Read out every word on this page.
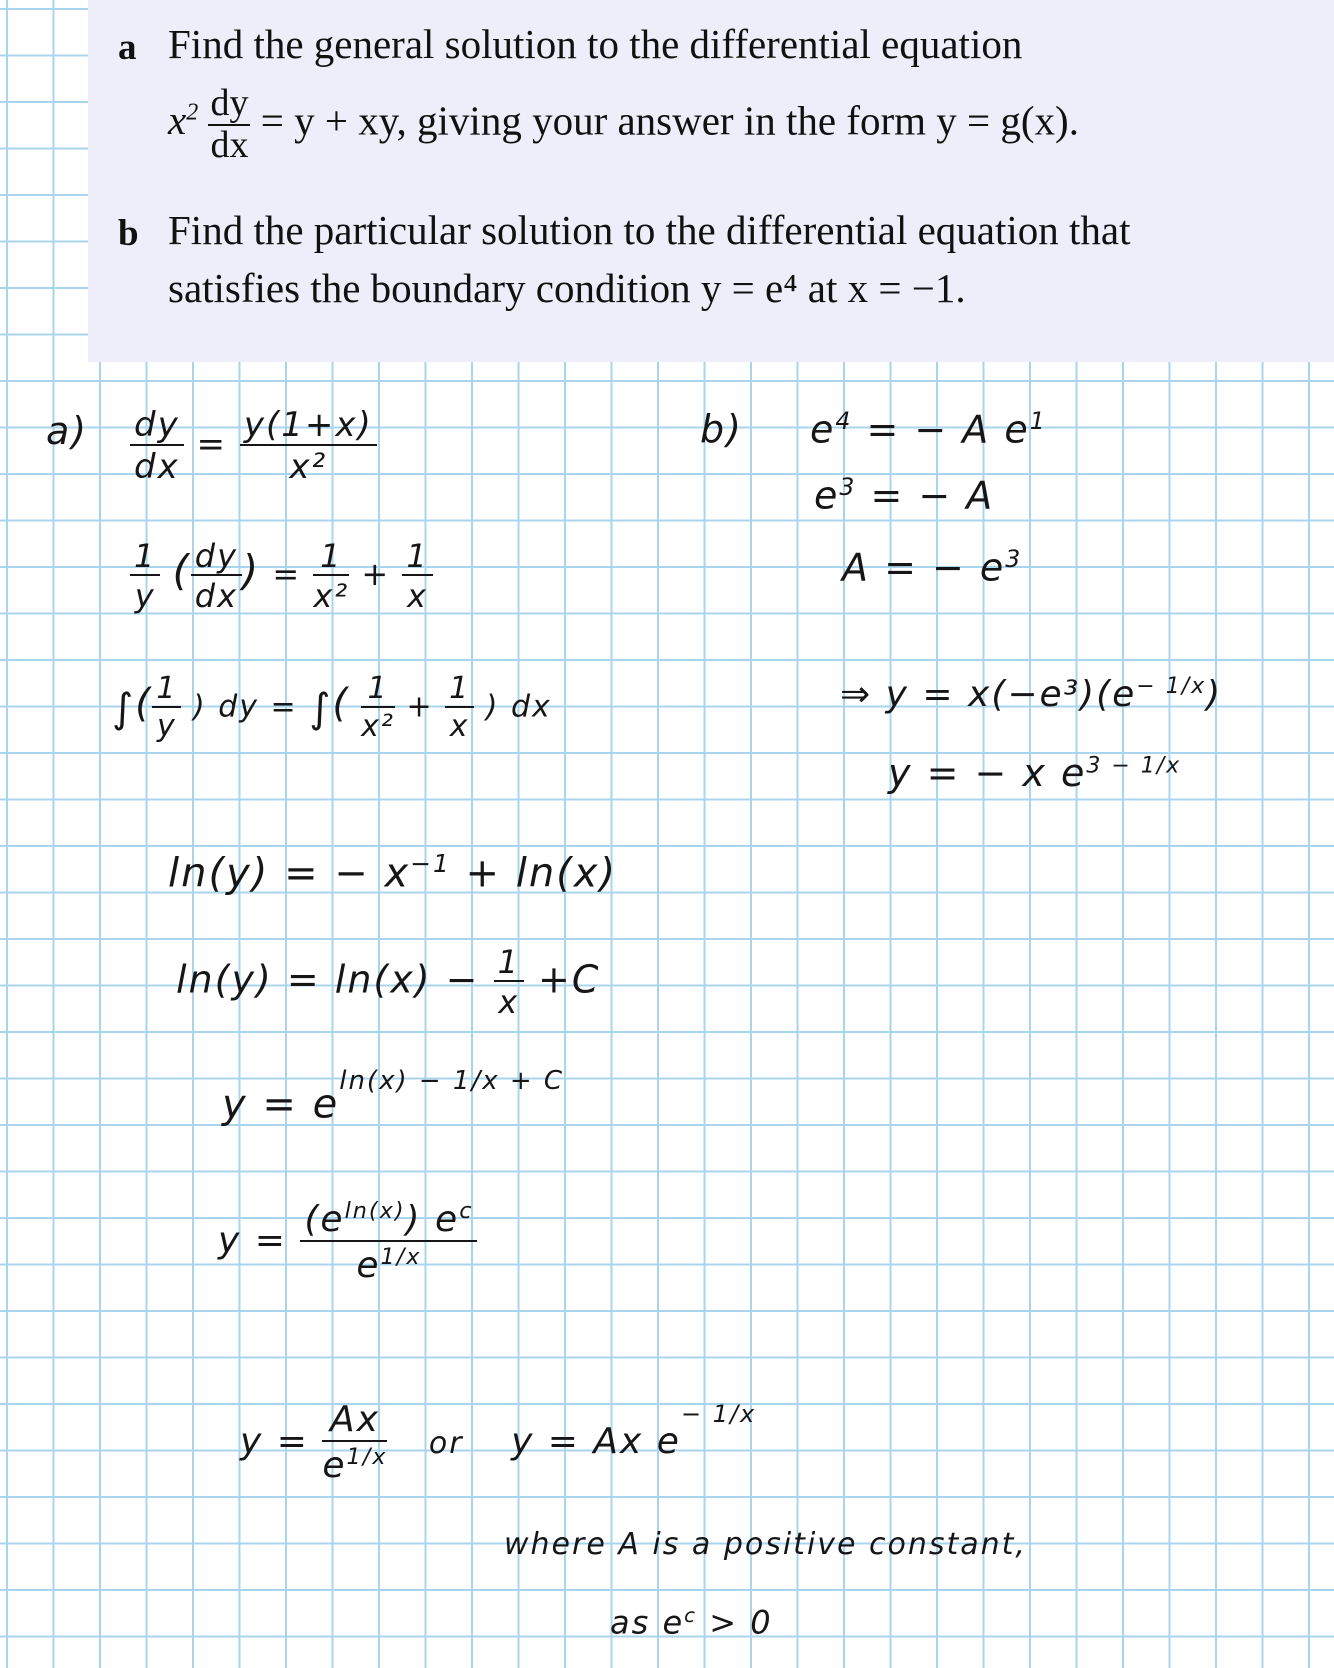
a Find the general solution to the differential equation
$x^2 \frac{dy}{dx} = y$ + xy, giving your answer in the form y = g(x).
b Find the particular solution to the differential equation that
satisfies the boundary condition y = e⁴ at x = −1.
$a) \frac{dy}{dx} = \frac{y(1+x)}{\text{x²}}$
$\frac{1}{y}$ ( $\frac{dy}{dx}$ ) = $\frac{1}{\text{x²}} + \frac{1}{x}$
∫( $\frac{1}{y}$ ) dy = ∫( $\frac{1}{\text{x²}} + \frac{1}{x}$ ) dx
ln(y) = − $x^{-1} + \ln(x)$
$\ln(y) = \ln(x) - \frac{1}{x} +C$
$y = e^{ln(x) - 1/x + C}$
$y = \frac{(e^{ln(x)}) e^c}{e^{1/x}}$
$y = \frac{Ax}{e^{1/x}}$ or y = Ax $e^{- 1/x}$
where A is a positive constant,
as $e^c > 0$
b) $e^4$ = − A $e^1$
$e^3$ = − A
A = − $e^3$
⇒ $y = x(-e^3)(e^{- 1/x})$
y = − x $e^{3 - 1/x}$
